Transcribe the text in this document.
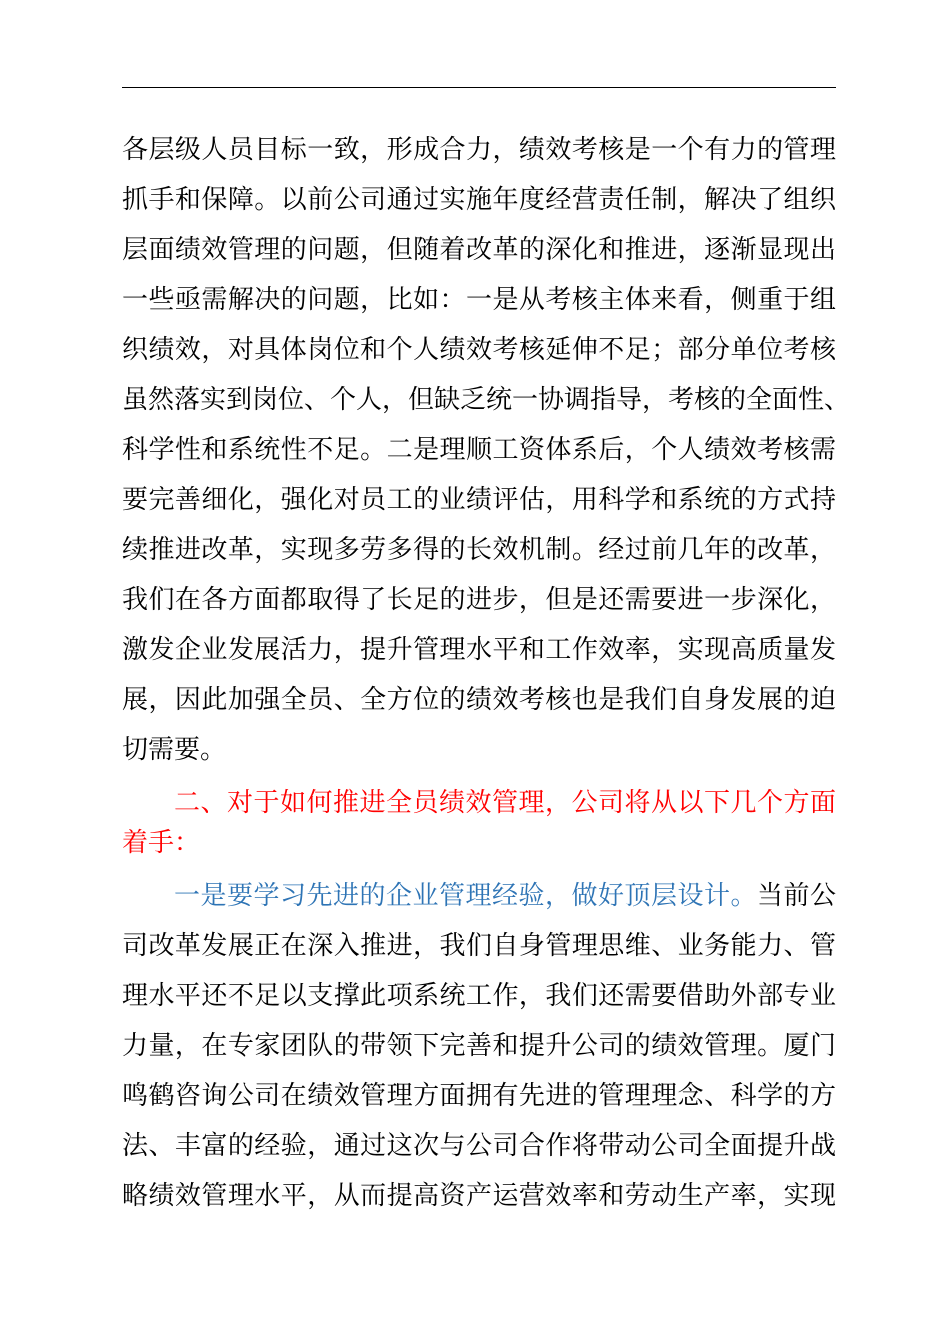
各层级人员目标一致，形成合力，绩效考核是一个有力的管理
抓手和保障。以前公司通过实施年度经营责任制，解决了组织
层面绩效管理的问题，但随着改革的深化和推进，逐渐显现出
一些亟需解决的问题，比如：一是从考核主体来看，侧重于组
织绩效，对具体岗位和个人绩效考核延伸不足；部分单位考核
虽然落实到岗位、个人，但缺乏统一协调指导，考核的全面性、
科学性和系统性不足。二是理顺工资体系后，个人绩效考核需
要完善细化，强化对员工的业绩评估，用科学和系统的方式持
续推进改革，实现多劳多得的长效机制。经过前几年的改革，
我们在各方面都取得了长足的进步，但是还需要进一步深化，
激发企业发展活力，提升管理水平和工作效率，实现高质量发
展，因此加强全员、全方位的绩效考核也是我们自身发展的迫
切需要。
二、对于如何推进全员绩效管理，公司将从以下几个方面
着手：
一是要学习先进的企业管理经验，做好顶层设计。当前公
司改革发展正在深入推进，我们自身管理思维、业务能力、管
理水平还不足以支撑此项系统工作，我们还需要借助外部专业
力量，在专家团队的带领下完善和提升公司的绩效管理。厦门
鸣鹤咨询公司在绩效管理方面拥有先进的管理理念、科学的方
法、丰富的经验，通过这次与公司合作将带动公司全面提升战
略绩效管理水平，从而提高资产运营效率和劳动生产率，实现
